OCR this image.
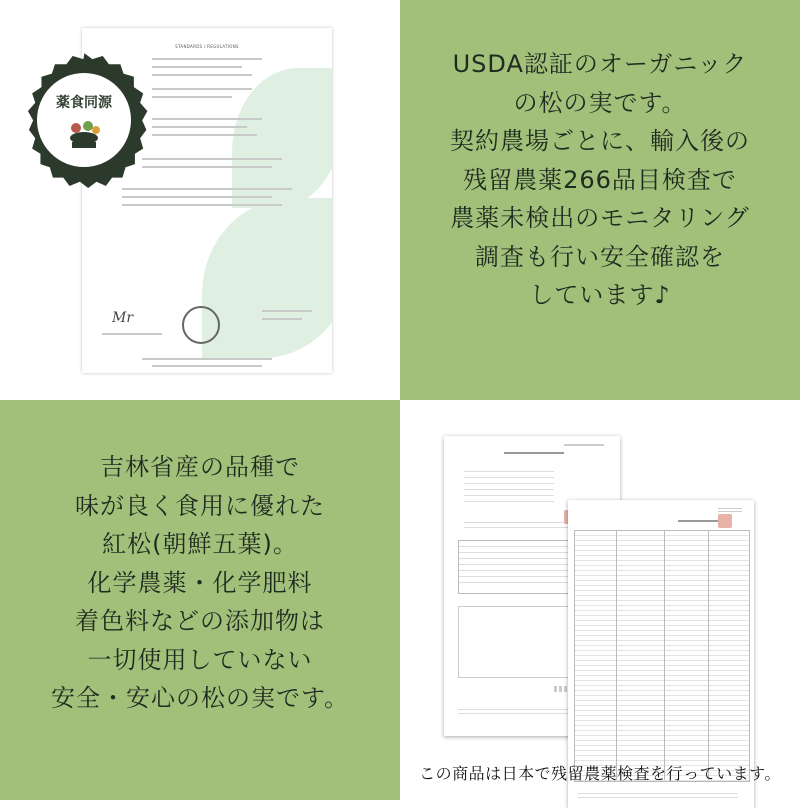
STANDARDS / REGULATIONS
Mr
薬食同源
USDA認証のオーガニック
の松の実です。
契約農場ごとに、輸入後の
残留農薬266品目検査で
農薬未検出のモニタリング
調査も行い安全確認を
しています♪
吉林省産の品種で
味が良く食用に優れた
紅松(朝鮮五葉)。
化学農薬・化学肥料
着色料などの添加物は
一切使用していない
安全・安心の松の実です。
この商品は日本で残留農薬検査を行っています。
